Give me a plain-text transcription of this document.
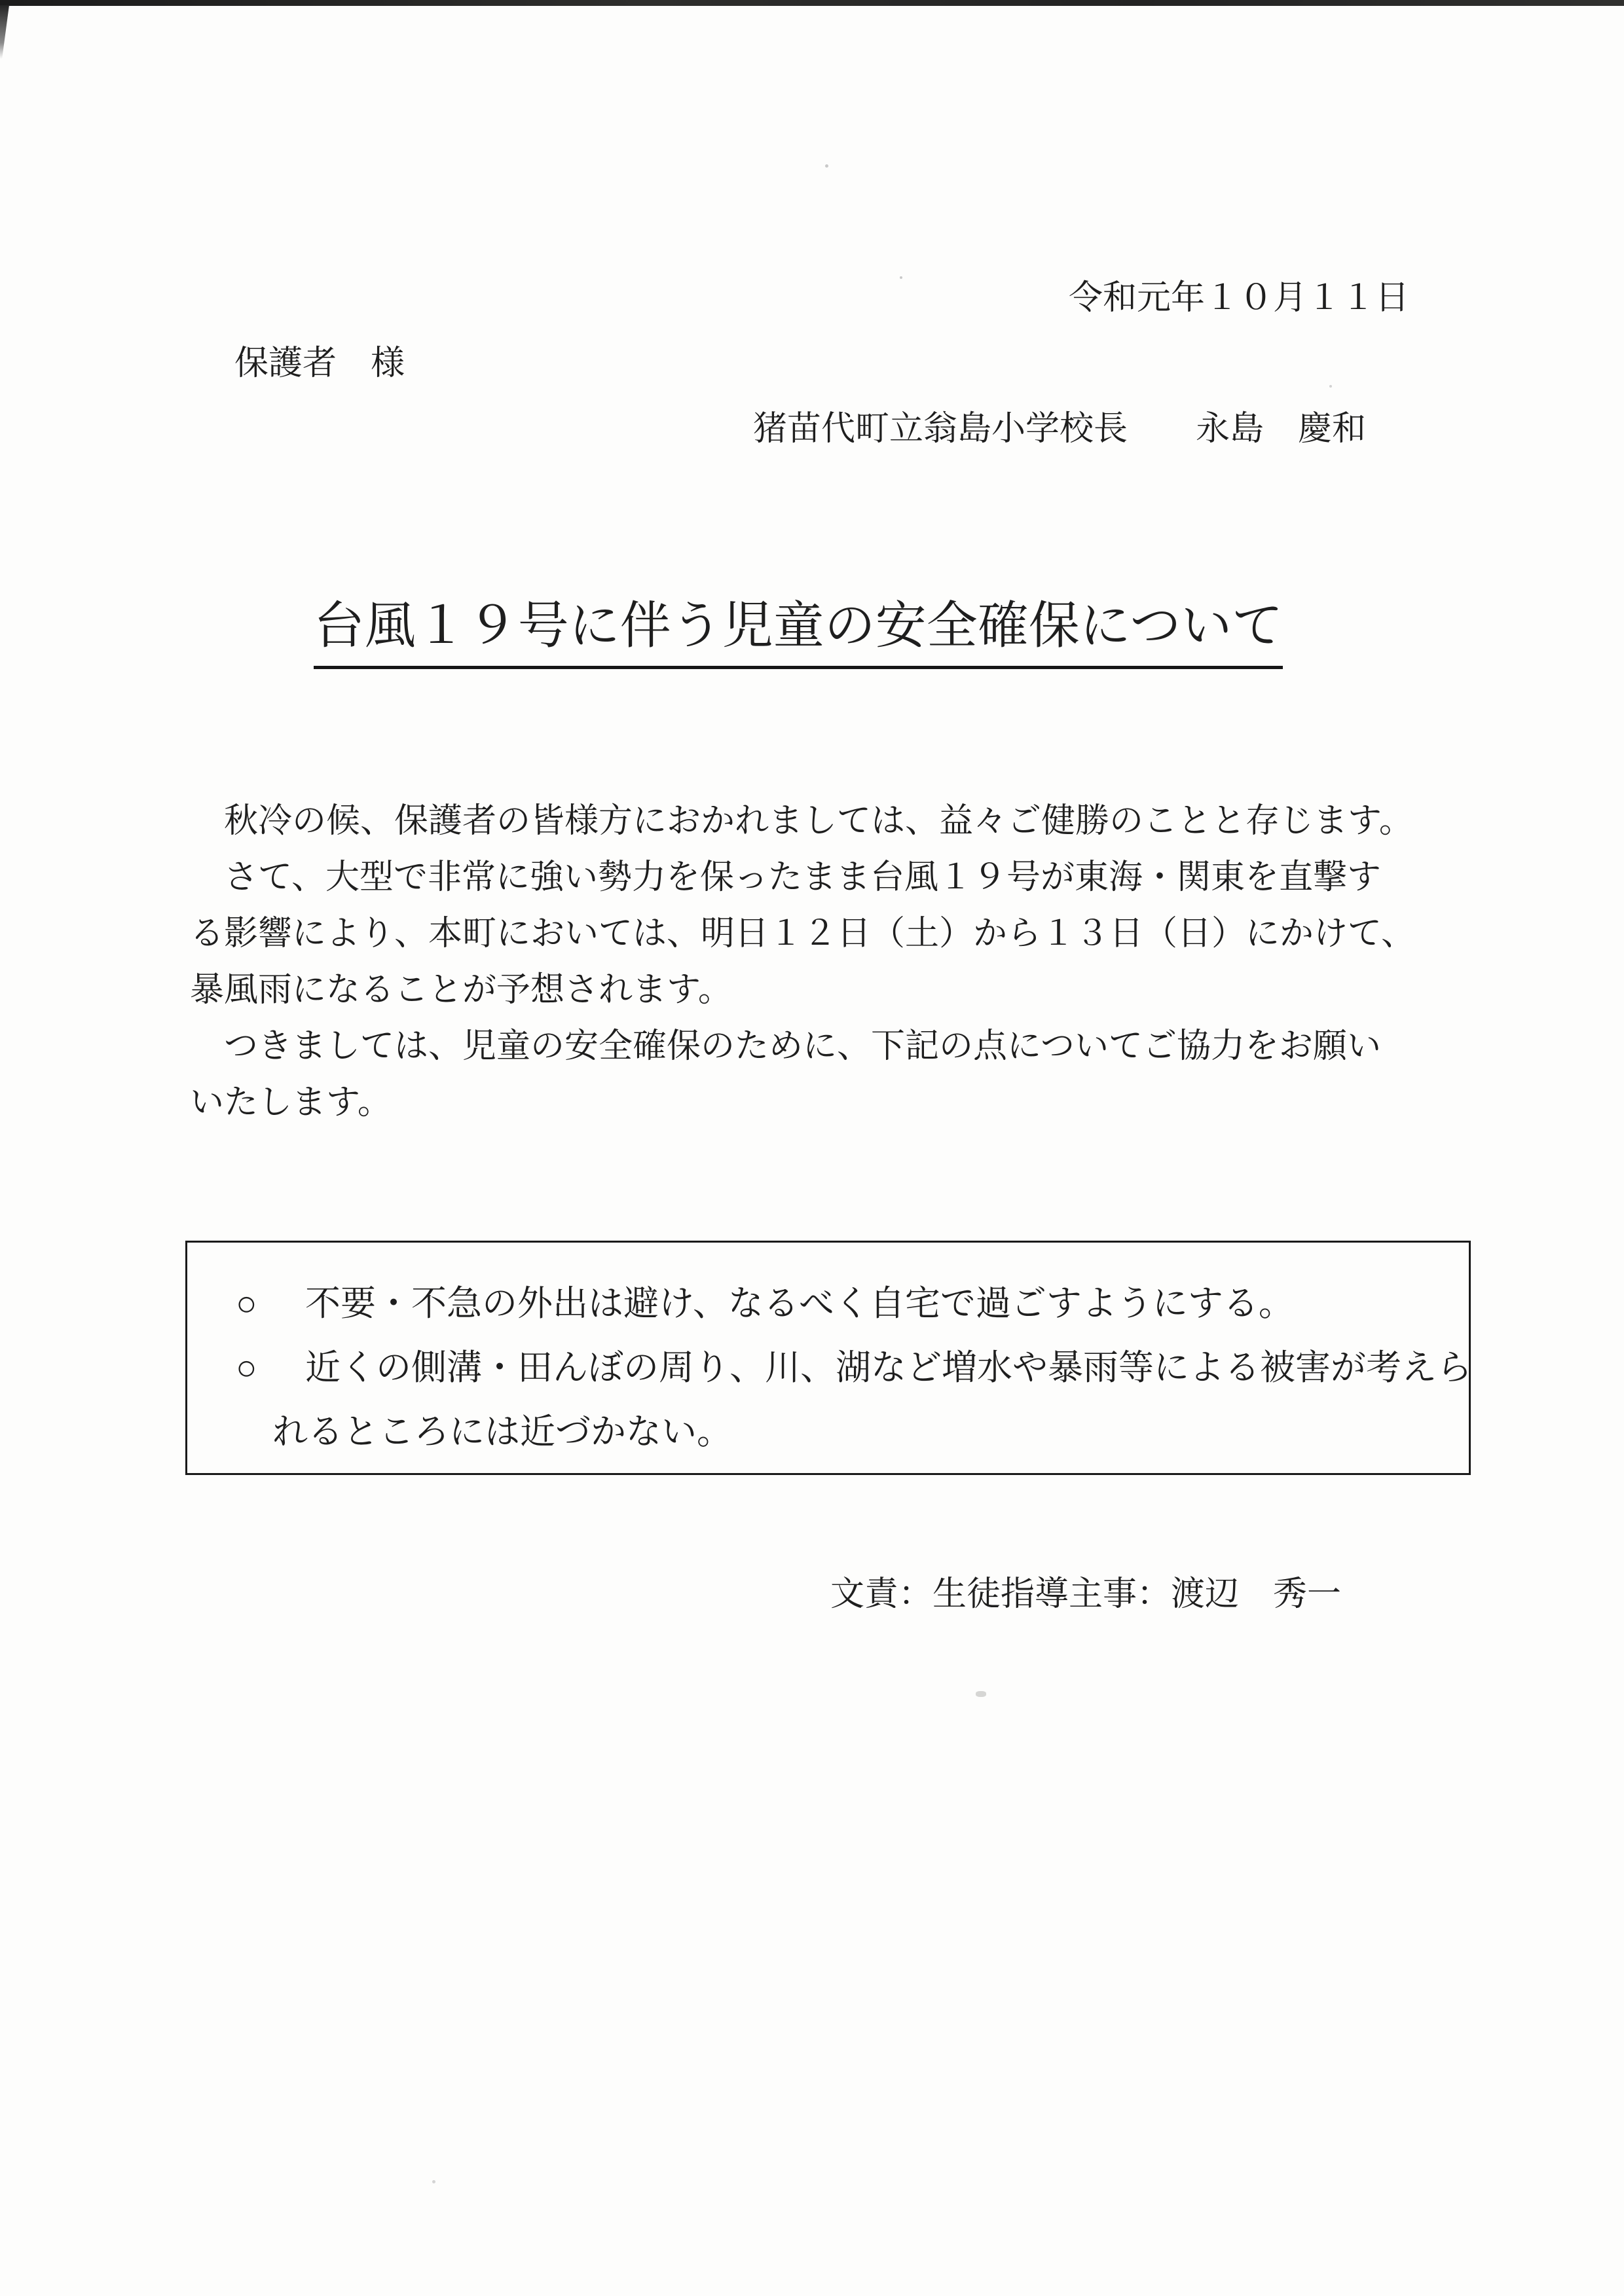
令和元年１０月１１日
保護者　様
猪苗代町立翁島小学校長　　永島　慶和
台風１９号に伴う児童の安全確保について
　秋冷の候、保護者の皆様方におかれましては、益々ご健勝のことと存じます。
　さて、大型で非常に強い勢力を保ったまま台風１９号が東海・関東を直撃す
る影響により、本町においては、明日１２日（土）から１３日（日）にかけて、
暴風雨になることが予想されます。
　つきましては、児童の安全確保のために、下記の点についてご協力をお願い
いたします。
○ 不要・不急の外出は避け、なるべく自宅で過ごすようにする。
○ 近くの側溝・田んぼの周り、川、湖など増水や暴雨等による被害が考えら
れるところには近づかない。
文責：生徒指導主事：渡辺　秀一
